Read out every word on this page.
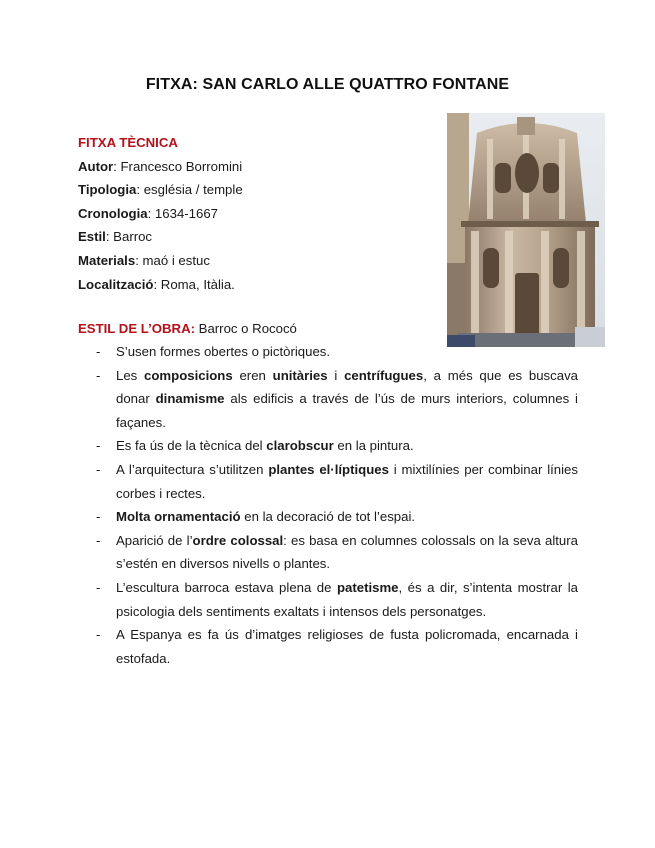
FITXA: SAN CARLO ALLE QUATTRO FONTANE
FITXA TÈCNICA
Autor: Francesco Borromini
Tipologia: església / temple
Cronologia: 1634-1667
Estil: Barroc
Materials: maó i estuc
Localització: Roma, Itàlia.
ESTIL DE L’OBRA: Barroc o Rococó
- S’usen formes obertes o pictòriques.
- Les composicions eren unitàries i centrífugues, a més que es buscava donar dinamisme als edificis a través de l’ús de murs interiors, columnes i façanes.
- Es fa ús de la tècnica del clarobscur en la pintura.
- A l’arquitectura s’utilitzen plantes el·líptiques i mixtilínies per combinar línies corbes i rectes.
- Molta ornamentació en la decoració de tot l’espai.
- Aparició de l’ordre colossal: es basa en columnes colossals on la seva altura s’estén en diversos nivells o plantes.
- L’escultura barroca estava plena de patetisme, és a dir, s’intenta mostrar la psicologia dels sentiments exaltats i intensos dels personatges.
- A Espanya es fa ús d’imatges religioses de fusta policromada, encarnada i estofada.
